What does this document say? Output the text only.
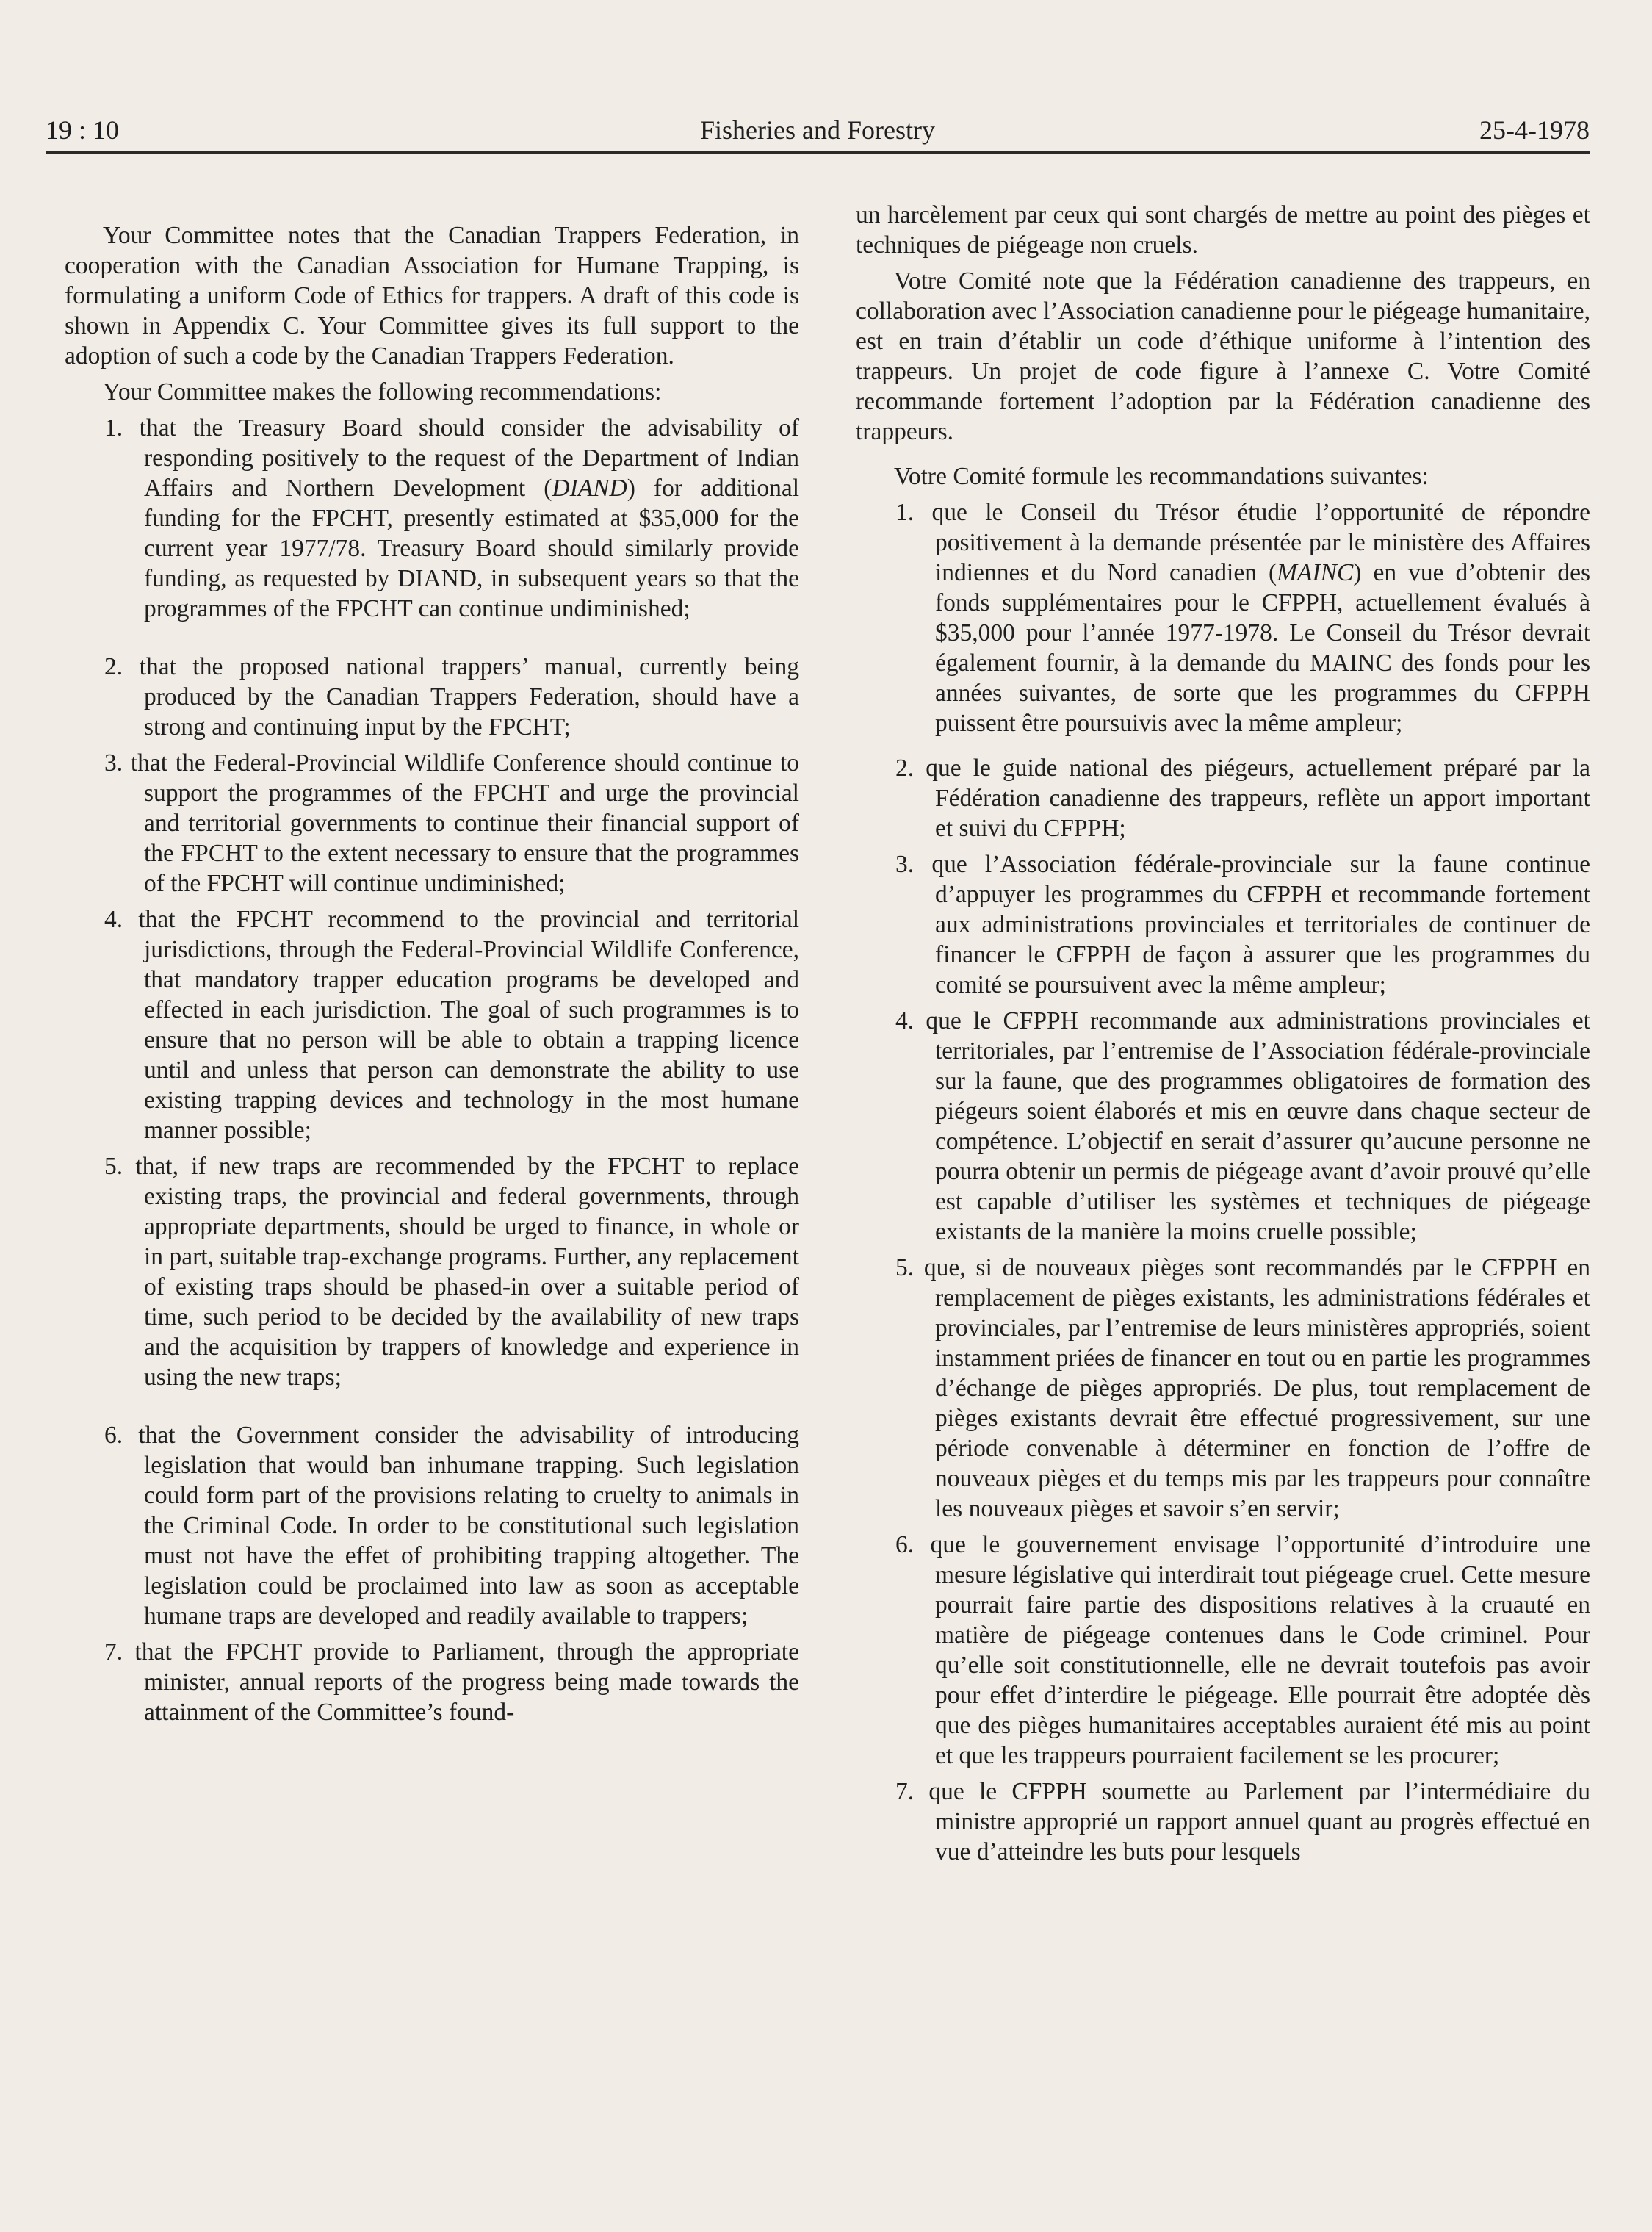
19 : 10	Fisheries and Forestry	25-4-1978

Your Committee notes that the Canadian Trappers Federation, in cooperation with the Canadian Association for Humane Trapping, is formulating a uniform Code of Ethics for trappers. A draft of this code is shown in Appendix C. Your Committee gives its full support to the adoption of such a code by the Canadian Trappers Federation.

Your Committee makes the following recommendations:

1. that the Treasury Board should consider the advisability of responding positively to the request of the Department of Indian Affairs and Northern Development (DIAND) for additional funding for the FPCHT, presently estimated at $35,000 for the current year 1977/78. Treasury Board should similarly provide funding, as requested by DIAND, in subsequent years so that the programmes of the FPCHT can continue undiminished;

2. that the proposed national trappers’ manual, currently being produced by the Canadian Trappers Federation, should have a strong and continuing input by the FPCHT;

3. that the Federal-Provincial Wildlife Conference should continue to support the programmes of the FPCHT and urge the provincial and territorial governments to continue their financial support of the FPCHT to the extent necessary to ensure that the programmes of the FPCHT will continue undiminished;

4. that the FPCHT recommend to the provincial and territorial jurisdictions, through the Federal-Provincial Wildlife Conference, that mandatory trapper education programs be developed and effected in each jurisdiction. The goal of such programmes is to ensure that no person will be able to obtain a trapping licence until and unless that person can demonstrate the ability to use existing trapping devices and technology in the most humane manner possible;

5. that, if new traps are recommended by the FPCHT to replace existing traps, the provincial and federal governments, through appropriate departments, should be urged to finance, in whole or in part, suitable trap-exchange programs. Further, any replacement of existing traps should be phased-in over a suitable period of time, such period to be decided by the availability of new traps and the acquisition by trappers of knowledge and experience in using the new traps;

6. that the Government consider the advisability of introducing legislation that would ban inhumane trapping. Such legislation could form part of the provisions relating to cruelty to animals in the Criminal Code. In order to be constitutional such legislation must not have the effet of prohibiting trapping altogether. The legislation could be proclaimed into law as soon as acceptable humane traps are developed and readily available to trappers;

7. that the FPCHT provide to Parliament, through the appropriate minister, annual reports of the progress being made towards the attainment of the Committee’s found-

un harcèlement par ceux qui sont chargés de mettre au point des pièges et techniques de piégeage non cruels.

Votre Comité note que la Fédération canadienne des trappeurs, en collaboration avec l’Association canadienne pour le piégeage humanitaire, est en train d’établir un code d’éthique uniforme à l’intention des trappeurs. Un projet de code figure à l’annexe C. Votre Comité recommande fortement l’adoption par la Fédération canadienne des trappeurs.

Votre Comité formule les recommandations suivantes:

1. que le Conseil du Trésor étudie l’opportunité de répondre positivement à la demande présentée par le ministère des Affaires indiennes et du Nord canadien (MAINC) en vue d’obtenir des fonds supplémentaires pour le CFPPH, actuellement évalués à $35,000 pour l’année 1977-1978. Le Conseil du Trésor devrait également fournir, à la demande du MAINC des fonds pour les années suivantes, de sorte que les programmes du CFPPH puissent être poursuivis avec la même ampleur;

2. que le guide national des piégeurs, actuellement préparé par la Fédération canadienne des trappeurs, reflète un apport important et suivi du CFPPH;

3. que l’Association fédérale-provinciale sur la faune continue d’appuyer les programmes du CFPPH et recommande fortement aux administrations provinciales et territoriales de continuer de financer le CFPPH de façon à assurer que les programmes du comité se poursuivent avec la même ampleur;

4. que le CFPPH recommande aux administrations provinciales et territoriales, par l’entremise de l’Association fédérale-provinciale sur la faune, que des programmes obligatoires de formation des piégeurs soient élaborés et mis en œuvre dans chaque secteur de compétence. L’objectif en serait d’assurer qu’aucune personne ne pourra obtenir un permis de piégeage avant d’avoir prouvé qu’elle est capable d’utiliser les systèmes et techniques de piégeage existants de la manière la moins cruelle possible;

5. que, si de nouveaux pièges sont recommandés par le CFPPH en remplacement de pièges existants, les administrations fédérales et provinciales, par l’entremise de leurs ministères appropriés, soient instamment priées de financer en tout ou en partie les programmes d’échange de pièges appropriés. De plus, tout remplacement de pièges existants devrait être effectué progressivement, sur une période convenable à déterminer en fonction de l’offre de nouveaux pièges et du temps mis par les trappeurs pour connaître les nouveaux pièges et savoir s’en servir;

6. que le gouvernement envisage l’opportunité d’introduire une mesure législative qui interdirait tout piégeage cruel. Cette mesure pourrait faire partie des dispositions relatives à la cruauté en matière de piégeage contenues dans le Code criminel. Pour qu’elle soit constitutionnelle, elle ne devrait toutefois pas avoir pour effet d’interdire le piégeage. Elle pourrait être adoptée dès que des pièges humanitaires acceptables auraient été mis au point et que les trappeurs pourraient facilement se les procurer;

7. que le CFPPH soumette au Parlement par l’intermédiaire du ministre approprié un rapport annuel quant au progrès effectué en vue d’atteindre les buts pour lesquels
